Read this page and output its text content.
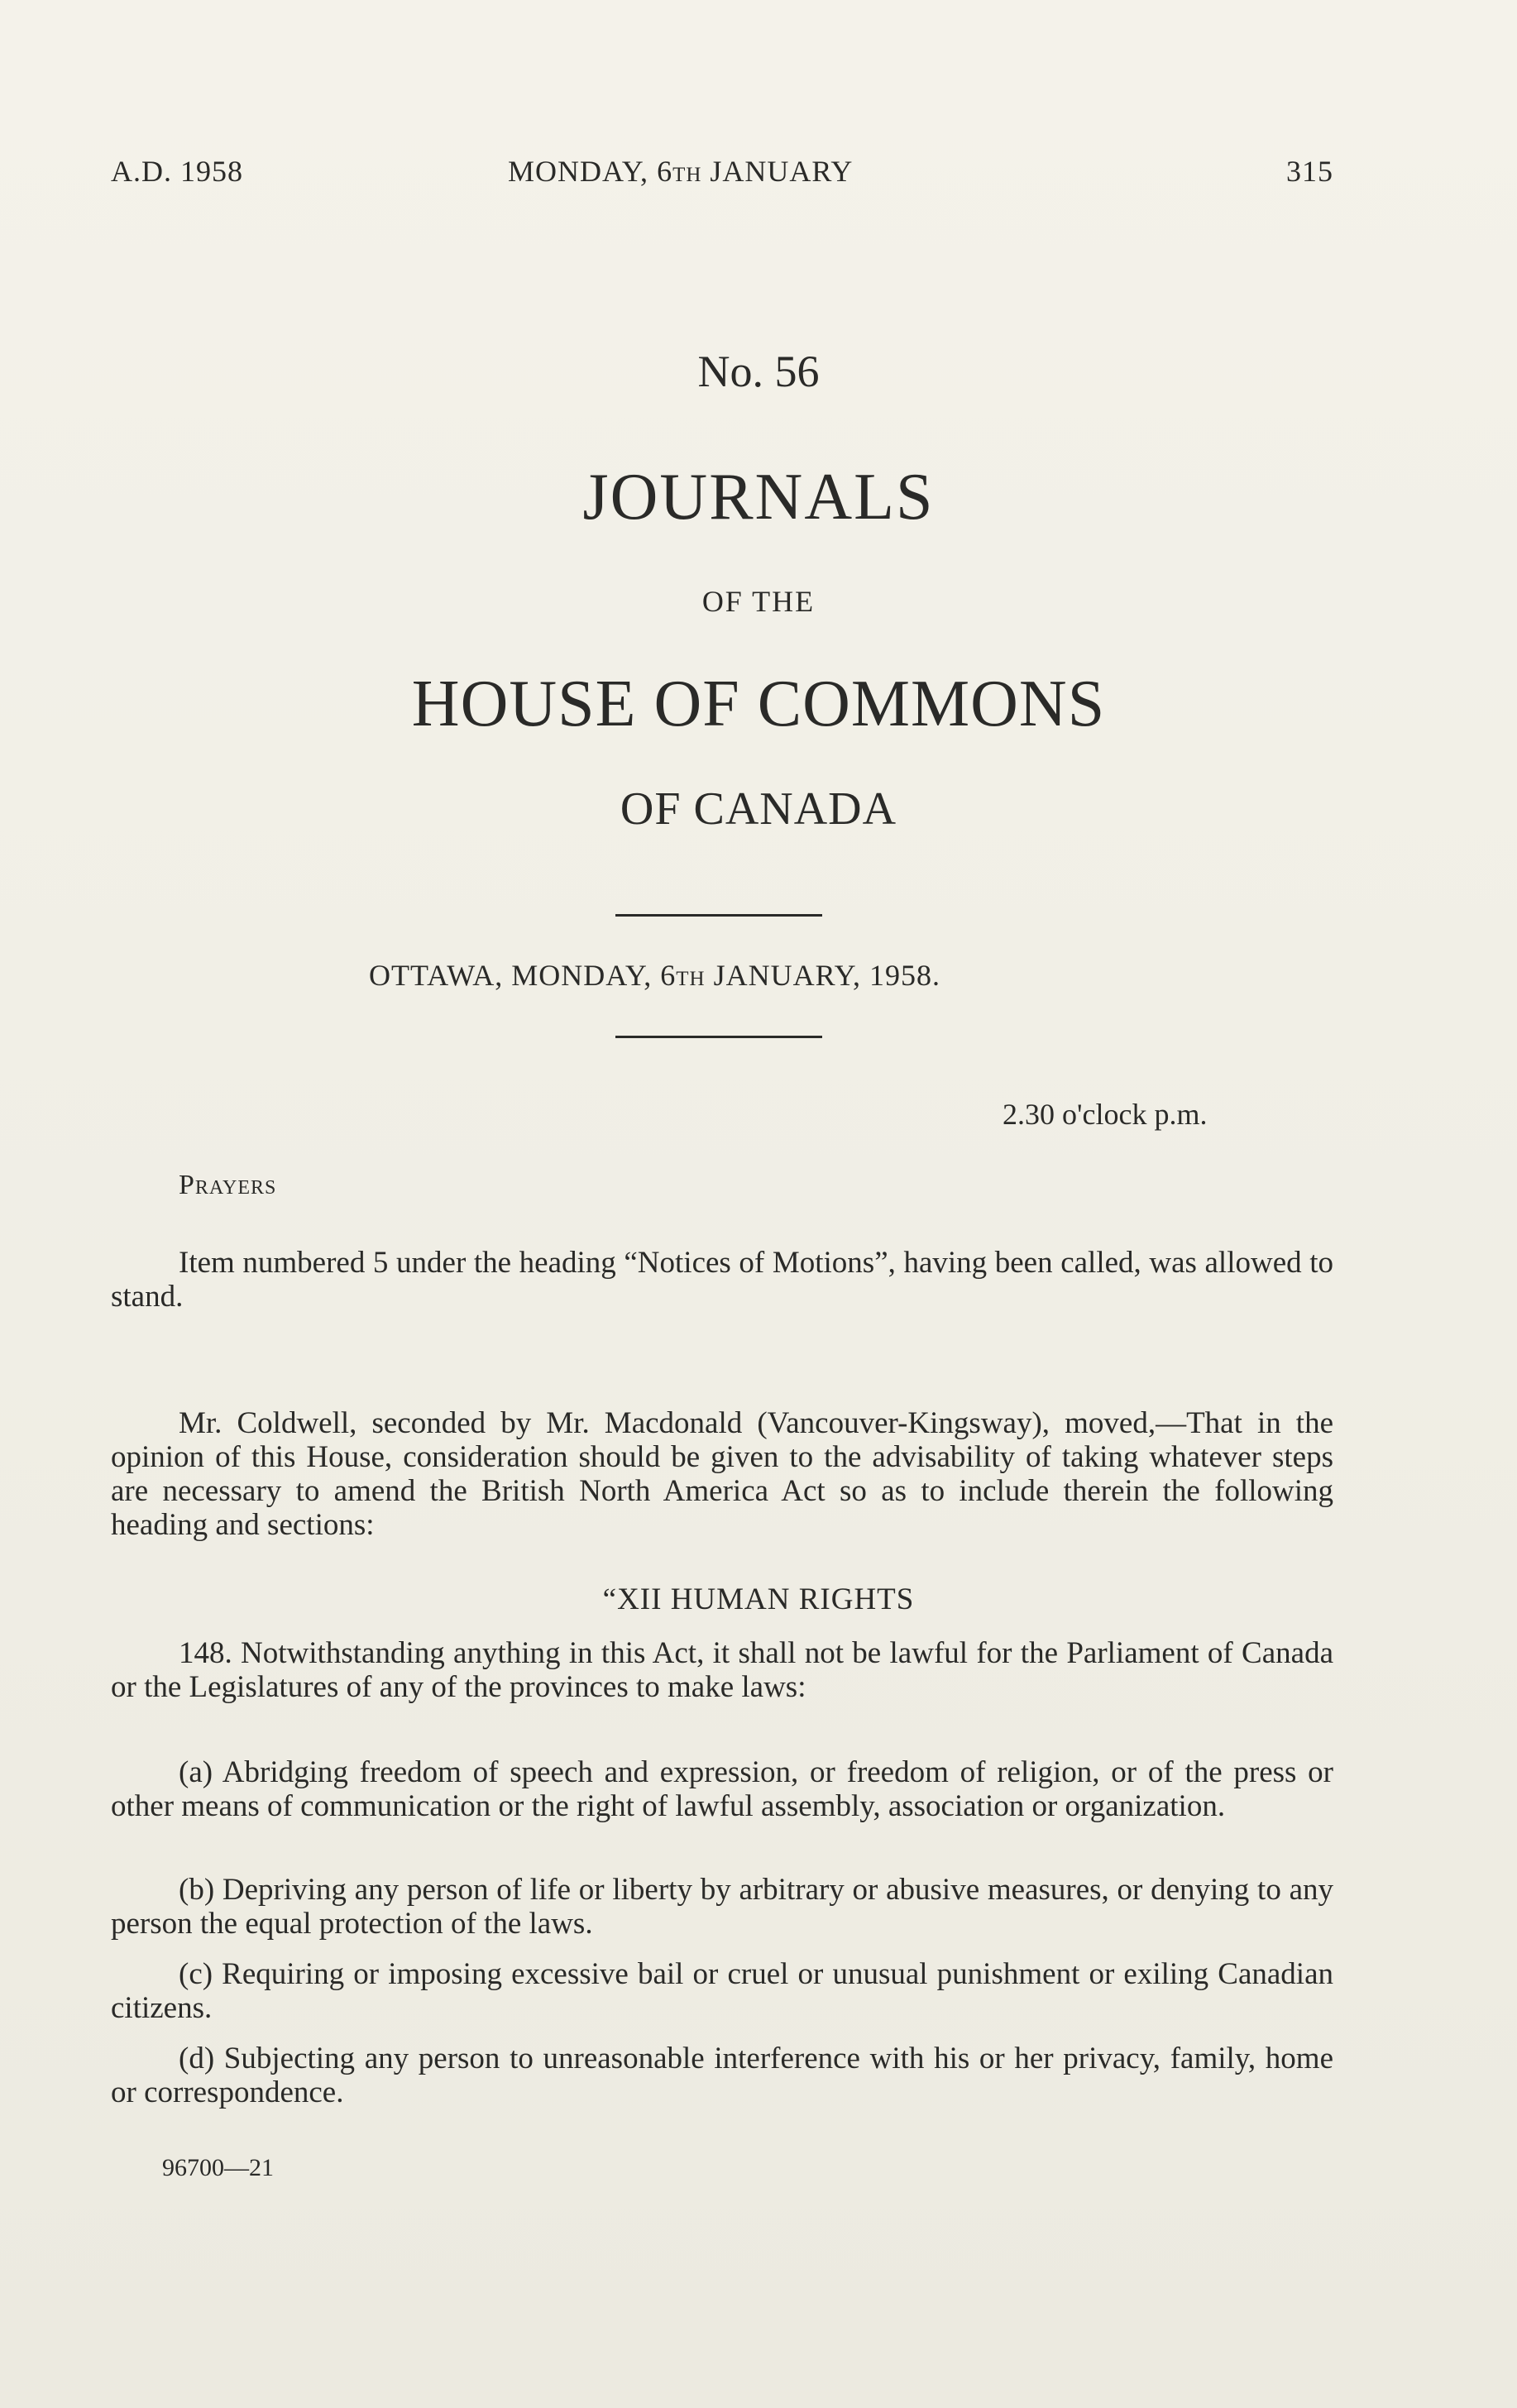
A.D. 1958	MONDAY, 6th JANUARY	315
No. 56
JOURNALS
OF THE
HOUSE OF COMMONS
OF CANADA
OTTAWA, MONDAY, 6th JANUARY, 1958.
2.30 o'clock p.m.
Prayers
Item numbered 5 under the heading “Notices of Motions”, having been called, was allowed to stand.
Mr. Coldwell, seconded by Mr. Macdonald (Vancouver-Kingsway), moved,—That in the opinion of this House, consideration should be given to the advisability of taking whatever steps are necessary to amend the British North America Act so as to include therein the following heading and sections:
“XII HUMAN RIGHTS
148. Notwithstanding anything in this Act, it shall not be lawful for the Parliament of Canada or the Legislatures of any of the provinces to make laws:
(a) Abridging freedom of speech and expression, or freedom of religion, or of the press or other means of communication or the right of lawful assembly, association or organization.
(b) Depriving any person of life or liberty by arbitrary or abusive measures, or denying to any person the equal protection of the laws.
(c) Requiring or imposing excessive bail or cruel or unusual punishment or exiling Canadian citizens.
(d) Subjecting any person to unreasonable interference with his or her privacy, family, home or correspondence.
96700—21
